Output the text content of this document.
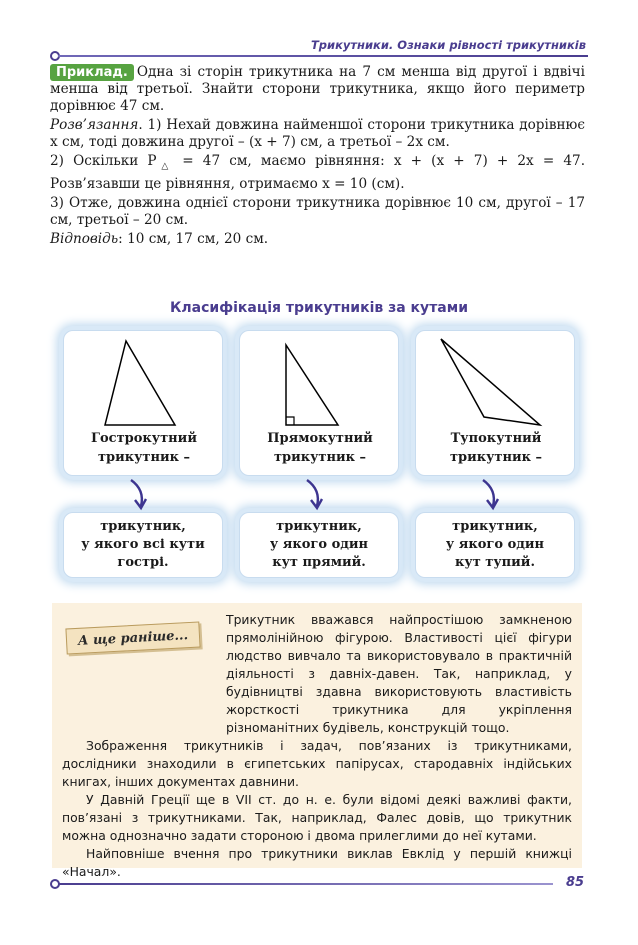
Трикутники. Ознаки рівності трикутників

Приклад. Одна зі сторін трикутника на 7 см менша від другої і вдвічі менша від третьої. Знайти сторони трикутника, якщо його периметр дорівнює 47 см.

Розв’язання. 1) Нехай довжина найменшої сторони трикутника дорівнює x см, тоді довжина другої – (x + 7) см, а третьої – 2x см.

2) Оскільки $P_\triangle = 47$ см, маємо рівняння: x + (x + 7) + 2x = 47. Розв’язавши це рівняння, отримаємо x = 10 (см).

3) Отже, довжина однієї сторони трикутника дорівнює 10 см, другої – 17 см, третьої – 20 см.

Відповідь: 10 см, 17 см, 20 см.

Класифікація трикутників за кутами
Гострокутний
трикутник –
трикутник,
у якого всі кути
гострі.
Прямокутний
трикутник –
трикутник,
у якого один
кут прямий.
Тупокутний
трикутник –
трикутник,
у якого один
кут тупий.
А ще раніше...

Трикутник вважався найпростішою замкненою прямолінійною фігурою. Властивості цієї фігури людство вивчало та використовувало в практичній діяльності з давніх-давен. Так, наприклад, у будівництві здавна використовують властивість жорсткості трикутника для укріплення різноманітних будівель, конструкцій тощо.

Зображення трикутників і задач, пов’язаних із трикутниками, дослідники знаходили в єгипетських папірусах, стародавніх індійських книгах, інших документах давнини.

У Давній Греції ще в VII ст. до н. е. були відомі деякі важливі факти, пов’язані з трикутниками. Так, наприклад, Фалес довів, що трикутник можна однозначно задати стороною і двома прилеглими до неї кутами.

Найповніше вчення про трикутники виклав Евклід у першій книжці «Начал».

85
